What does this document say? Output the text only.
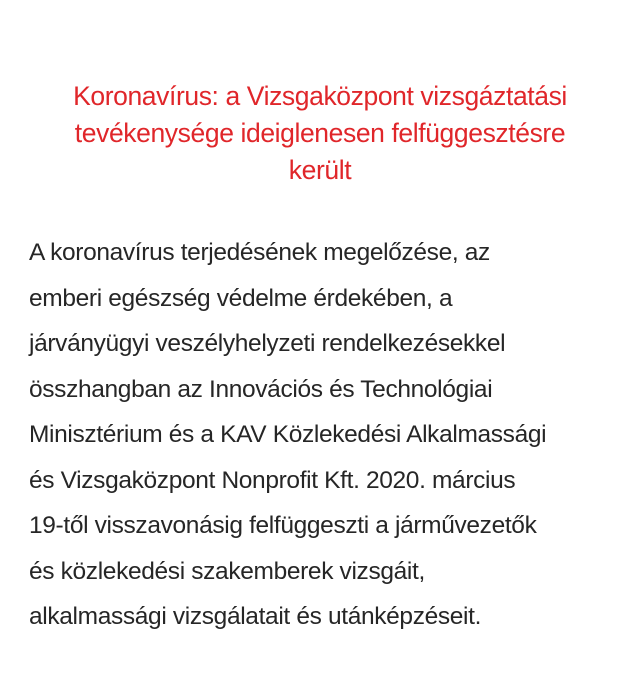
Koronavírus: a Vizsgaközpont vizsgáztatási
tevékenysége ideiglenesen felfüggesztésre
került

A koronavírus terjedésének megelőzése, az
emberi egészség védelme érdekében, a
járványügyi veszélyhelyzeti rendelkezésekkel
összhangban az Innovációs és Technológiai
Minisztérium és a KAV Közlekedési Alkalmassági
és Vizsgaközpont Nonprofit Kft. 2020. március
19-től visszavonásig felfüggeszti a járművezetők
és közlekedési szakemberek vizsgáit,
alkalmassági vizsgálatait és utánképzéseit.
